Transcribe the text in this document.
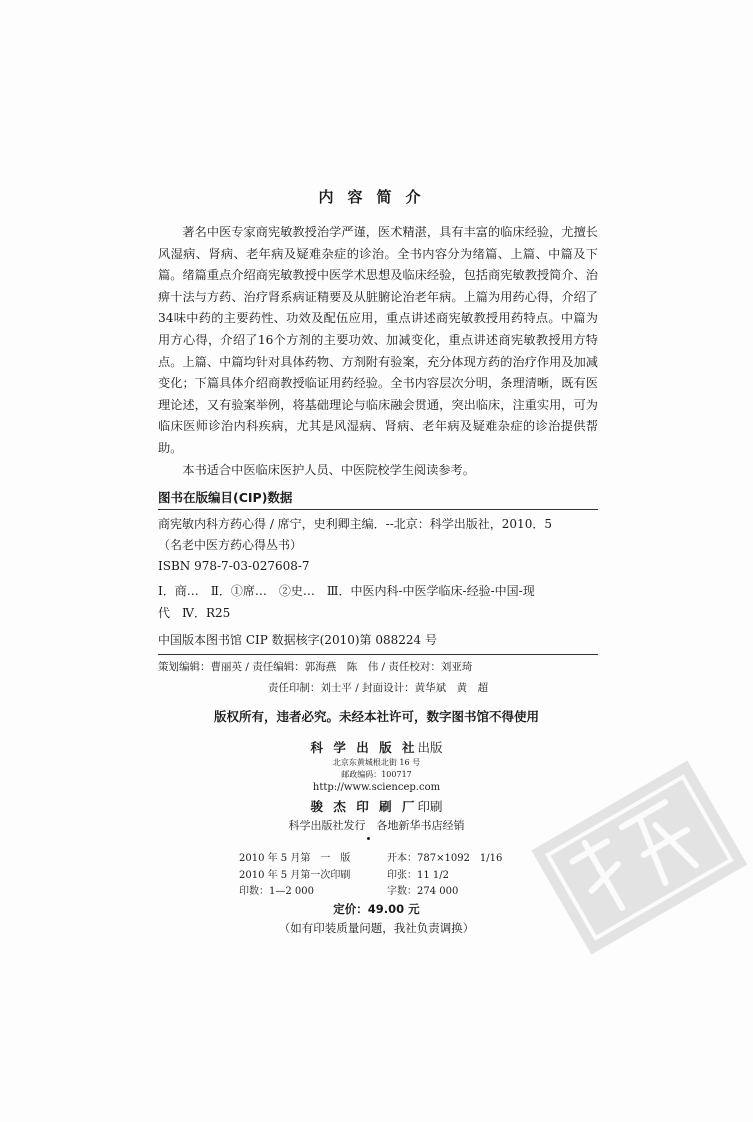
内容简介

著名中医专家商宪敏教授治学严谨，医术精湛，具有丰富的临床经验，尤擅长风湿病、肾病、老年病及疑难杂症的诊治。全书内容分为绪篇、上篇、中篇及下篇。绪篇重点介绍商宪敏教授中医学术思想及临床经验，包括商宪敏教授简介、治痹十法与方药、治疗肾系病证精要及从脏腑论治老年病。上篇为用药心得，介绍了34味中药的主要药性、功效及配伍应用，重点讲述商宪敏教授用药特点。中篇为用方心得，介绍了16个方剂的主要功效、加减变化，重点讲述商宪敏教授用方特点。上篇、中篇均针对具体药物、方剂附有验案，充分体现方药的治疗作用及加减变化；下篇具体介绍商教授临证用药经验。全书内容层次分明，条理清晰，既有医理论述，又有验案举例，将基础理论与临床融会贯通，突出临床，注重实用，可为临床医师诊治内科疾病，尤其是风湿病、肾病、老年病及疑难杂症的诊治提供帮助。

本书适合中医临床医护人员、中医院校学生阅读参考。

图书在版编目(CIP)数据
商宪敏内科方药心得 / 席宁，史利卿主编．--北京：科学出版社，2010．5
（名老中医方药心得丛书）
ISBN 978-7-03-027608-7
Ⅰ．商…　Ⅱ．①席…　②史…　Ⅲ．中医内科-中医学临床-经验-中国-现
代　Ⅳ．R25
中国版本图书馆 CIP 数据核字(2010)第 088224 号
策划编辑：曹丽英 / 责任编辑：郭海燕　陈　伟 / 责任校对：刘亚琦
责任印制：刘士平 / 封面设计：黄华斌　黄　超
版权所有，违者必究。未经本社许可，数字图书馆不得使用
科 学 出 版 社出版
北京东黄城根北街 16 号
邮政编码：100717
http://www.sciencep.com
骏 杰 印 刷 厂印刷
科学出版社发行　各地新华书店经销
2010 年 5 月第　一　版	开本：787×1092　1/16
2010 年 5 月第一次印刷	印张：11 1/2
印数：1—2 000	字数：274 000
定价：49.00 元
（如有印装质量问题，我社负责调换）
